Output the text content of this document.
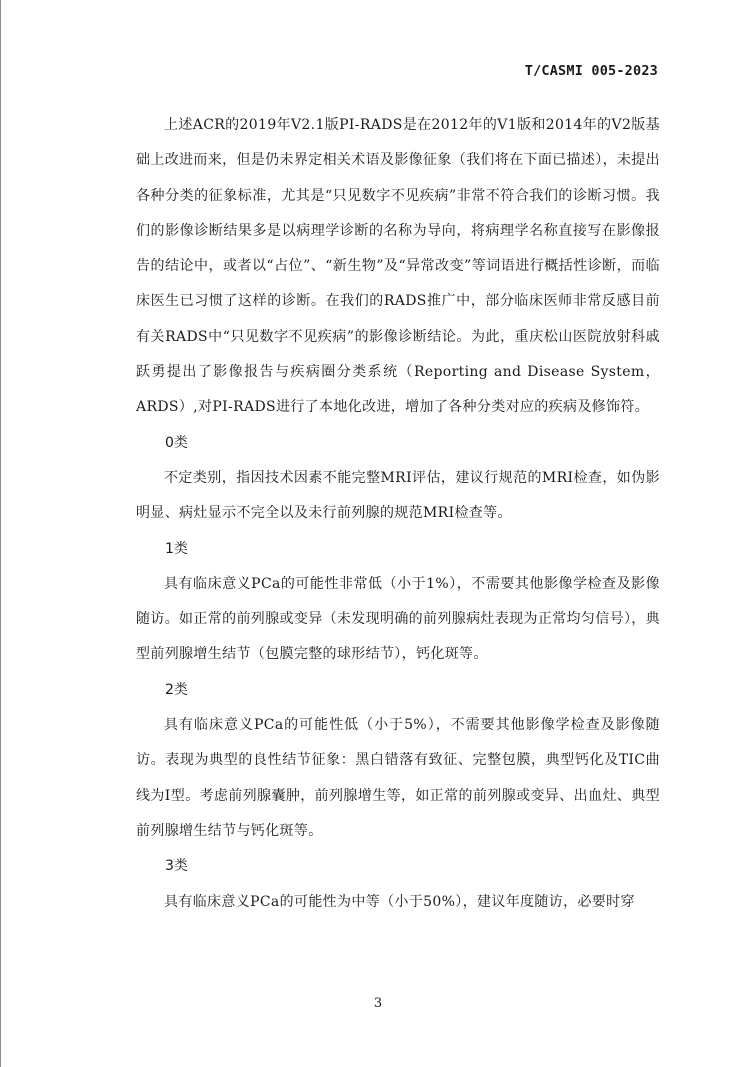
T/CASMI 005-2023

上述ACR的2019年V2.1版PI-RADS是在2012年的V1版和2014年的V2版基础上改进而来，但是仍未界定相关术语及影像征象（我们将在下面已描述），未提出各种分类的征象标准，尤其是“只见数字不见疾病”非常不符合我们的诊断习惯。我们的影像诊断结果多是以病理学诊断的名称为导向，将病理学名称直接写在影像报告的结论中，或者以“占位”、“新生物”及“异常改变”等词语进行概括性诊断，而临床医生已习惯了这样的诊断。在我们的RADS推广中，部分临床医师非常反感目前有关RADS中“只见数字不见疾病”的影像诊断结论。为此，重庆松山医院放射科戚跃勇提出了影像报告与疾病圈分类系统（Reporting and Disease System，ARDS）,对PI-RADS进行了本地化改进，增加了各种分类对应的疾病及修饰符。

0类

不定类别，指因技术因素不能完整MRI评估，建议行规范的MRI检查，如伪影明显、病灶显示不完全以及未行前列腺的规范MRI检查等。

1类

具有临床意义PCa的可能性非常低（小于1%），不需要其他影像学检查及影像随访。如正常的前列腺或变异（未发现明确的前列腺病灶表现为正常均匀信号），典型前列腺增生结节（包膜完整的球形结节），钙化斑等。

2类

具有临床意义PCa的可能性低（小于5%），不需要其他影像学检查及影像随访。表现为典型的良性结节征象：黑白错落有致征、完整包膜，典型钙化及TIC曲线为Ⅰ型。考虑前列腺囊肿，前列腺增生等，如正常的前列腺或变异、出血灶、典型前列腺增生结节与钙化斑等。

3类

具有临床意义PCa的可能性为中等（小于50%），建议年度随访，必要时穿

3
